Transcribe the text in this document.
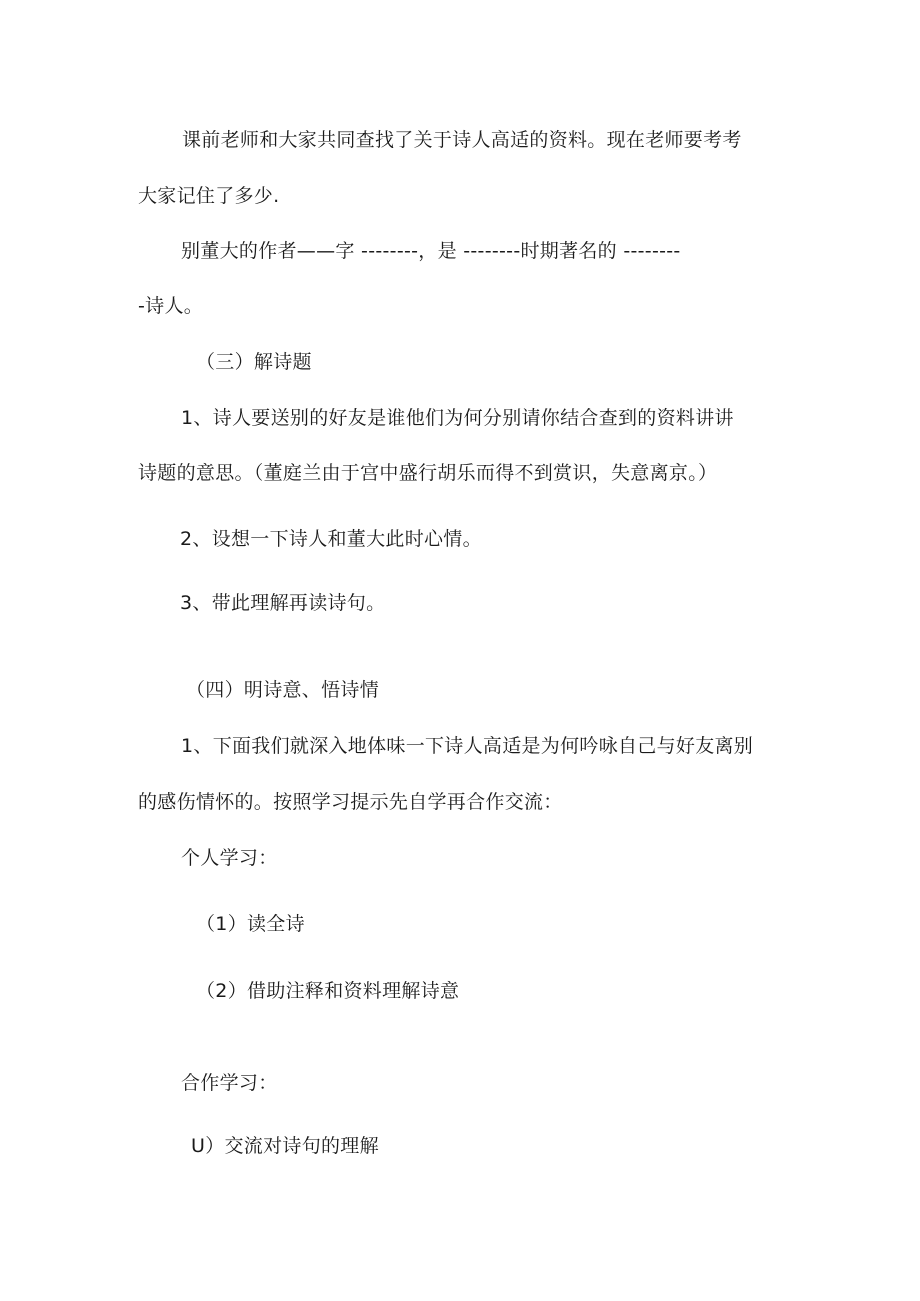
课前老师和大家共同查找了关于诗人高适的资料。现在老师要考考
大家记住了多少.
别董大的作者——字 --------，是 --------时期著名的 --------
-诗人。
（三）解诗题
1、诗人要送别的好友是谁他们为何分别请你结合查到的资料讲讲
诗题的意思。（董庭兰由于宫中盛行胡乐而得不到赏识，失意离京。）
2、设想一下诗人和董大此时心情。
3、带此理解再读诗句。
（四）明诗意、悟诗情
1、下面我们就深入地体味一下诗人高适是为何吟咏自己与好友离别
的感伤情怀的。按照学习提示先自学再合作交流：
个人学习：
（1）读全诗
（2）借助注释和资料理解诗意
合作学习：
U）交流对诗句的理解
